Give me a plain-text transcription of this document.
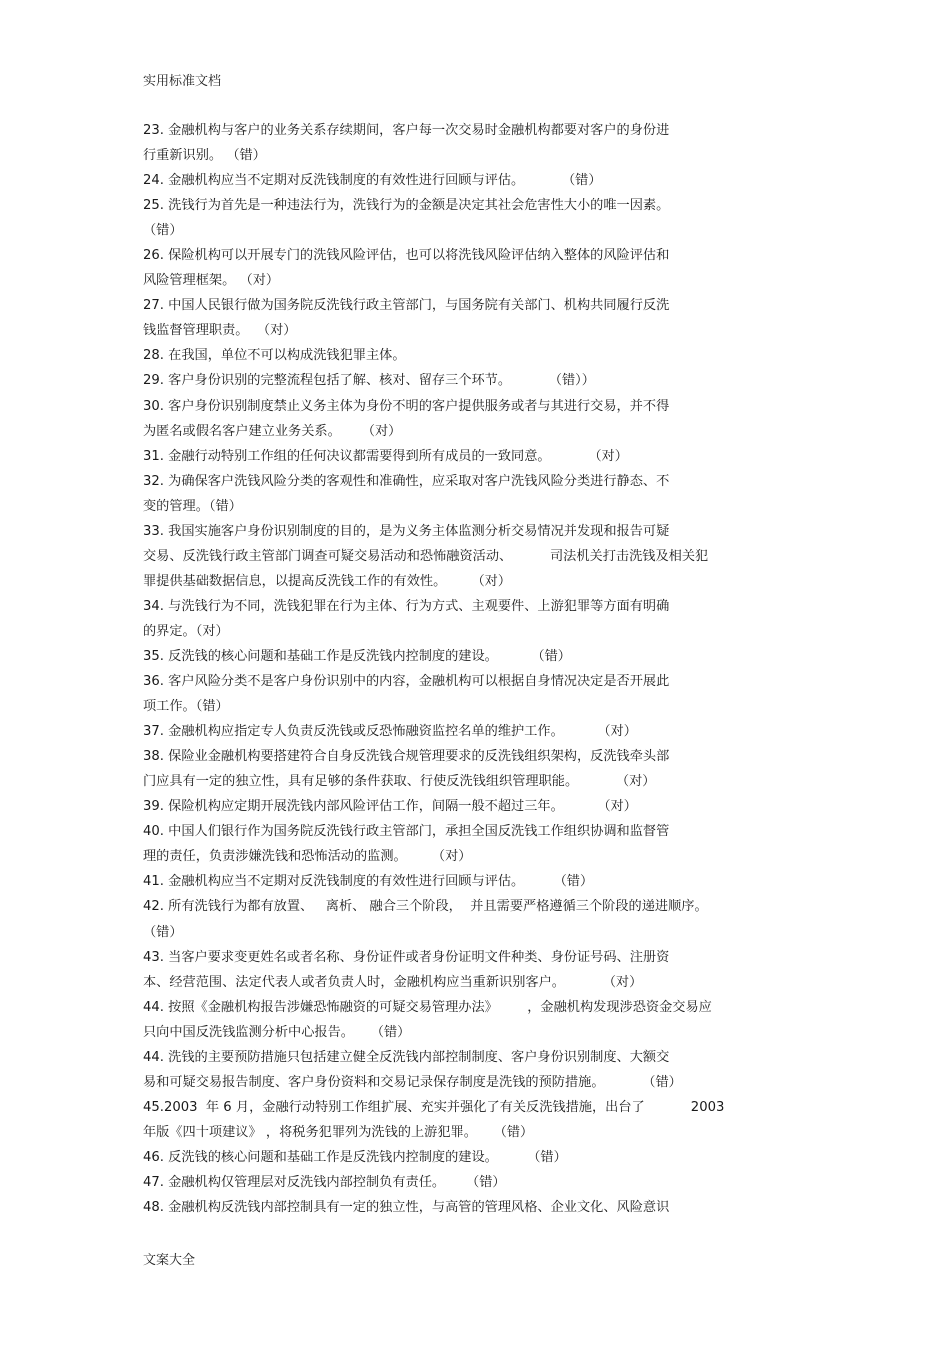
实用标准文档
23. 金融机构与客户的业务关系存续期间，客户每一次交易时金融机构都要对客户的身份进
行重新识别。 （错）
24. 金融机构应当不定期对反洗钱制度的有效性进行回顾与评估。         （错）
25. 洗钱行为首先是一种违法行为，洗钱行为的金额是决定其社会危害性大小的唯一因素。
（错）
26. 保险机构可以开展专门的洗钱风险评估，也可以将洗钱风险评估纳入整体的风险评估和
风险管理框架。 （对）
27. 中国人民银行做为国务院反洗钱行政主管部门，与国务院有关部门、机构共同履行反洗
钱监督管理职责。  （对）
28. 在我国，单位不可以构成洗钱犯罪主体。
29. 客户身份识别的完整流程包括了解、核对、留存三个环节。         （错））
30. 客户身份识别制度禁止义务主体为身份不明的客户提供服务或者与其进行交易，并不得
为匿名或假名客户建立业务关系。     （对）
31. 金融行动特别工作组的任何决议都需要得到所有成员的一致同意。         （对）
32. 为确保客户洗钱风险分类的客观性和准确性，应采取对客户洗钱风险分类进行静态、不
变的管理。（错）
33. 我国实施客户身份识别制度的目的，是为义务主体监测分析交易情况并发现和报告可疑
交易、反洗钱行政主管部门调查可疑交易活动和恐怖融资活动、         司法机关打击洗钱及相关犯
罪提供基础数据信息，以提高反洗钱工作的有效性。      （对）
34. 与洗钱行为不同，洗钱犯罪在行为主体、行为方式、主观要件、上游犯罪等方面有明确
的界定。（对）
35. 反洗钱的核心问题和基础工作是反洗钱内控制度的建设。        （错）
36. 客户风险分类不是客户身份识别中的内容，金融机构可以根据自身情况决定是否开展此
项工作。（错）
37. 金融机构应指定专人负责反洗钱或反恐怖融资监控名单的维护工作。        （对）
38. 保险业金融机构要搭建符合自身反洗钱合规管理要求的反洗钱组织架构，反洗钱牵头部
门应具有一定的独立性，具有足够的条件获取、行使反洗钱组织管理职能。         （对）
39. 保险机构应定期开展洗钱内部风险评估工作，间隔一般不超过三年。        （对）
40. 中国人们银行作为国务院反洗钱行政主管部门，承担全国反洗钱工作组织协调和监督管
理的责任，负责涉嫌洗钱和恐怖活动的监测。      （对）
41. 金融机构应当不定期对反洗钱制度的有效性进行回顾与评估。       （错）
42. 所有洗钱行为都有放置、   离析、 融合三个阶段，  并且需要严格遵循三个阶段的递进顺序。
（错）
43. 当客户要求变更姓名或者名称、身份证件或者身份证明文件种类、身份证号码、注册资
本、经营范围、法定代表人或者负责人时，金融机构应当重新识别客户。         （对）
44. 按照《金融机构报告涉嫌恐怖融资的可疑交易管理办法》       ，金融机构发现涉恐资金交易应
只向中国反洗钱监测分析中心报告。    （错）
44. 洗钱的主要预防措施只包括建立健全反洗钱内部控制制度、客户身份识别制度、大额交
易和可疑交易报告制度、客户身份资料和交易记录保存制度是洗钱的预防措施。         （错）
45.2003  年 6 月，金融行动特别工作组扩展、充实并强化了有关反洗钱措施，出台了           2003
年版《四十项建议》 ，将税务犯罪列为洗钱的上游犯罪。    （错）
46. 反洗钱的核心问题和基础工作是反洗钱内控制度的建设。       （错）
47. 金融机构仅管理层对反洗钱内部控制负有责任。     （错）
48. 金融机构反洗钱内部控制具有一定的独立性，与高管的管理风格、企业文化、风险意识
文案大全
